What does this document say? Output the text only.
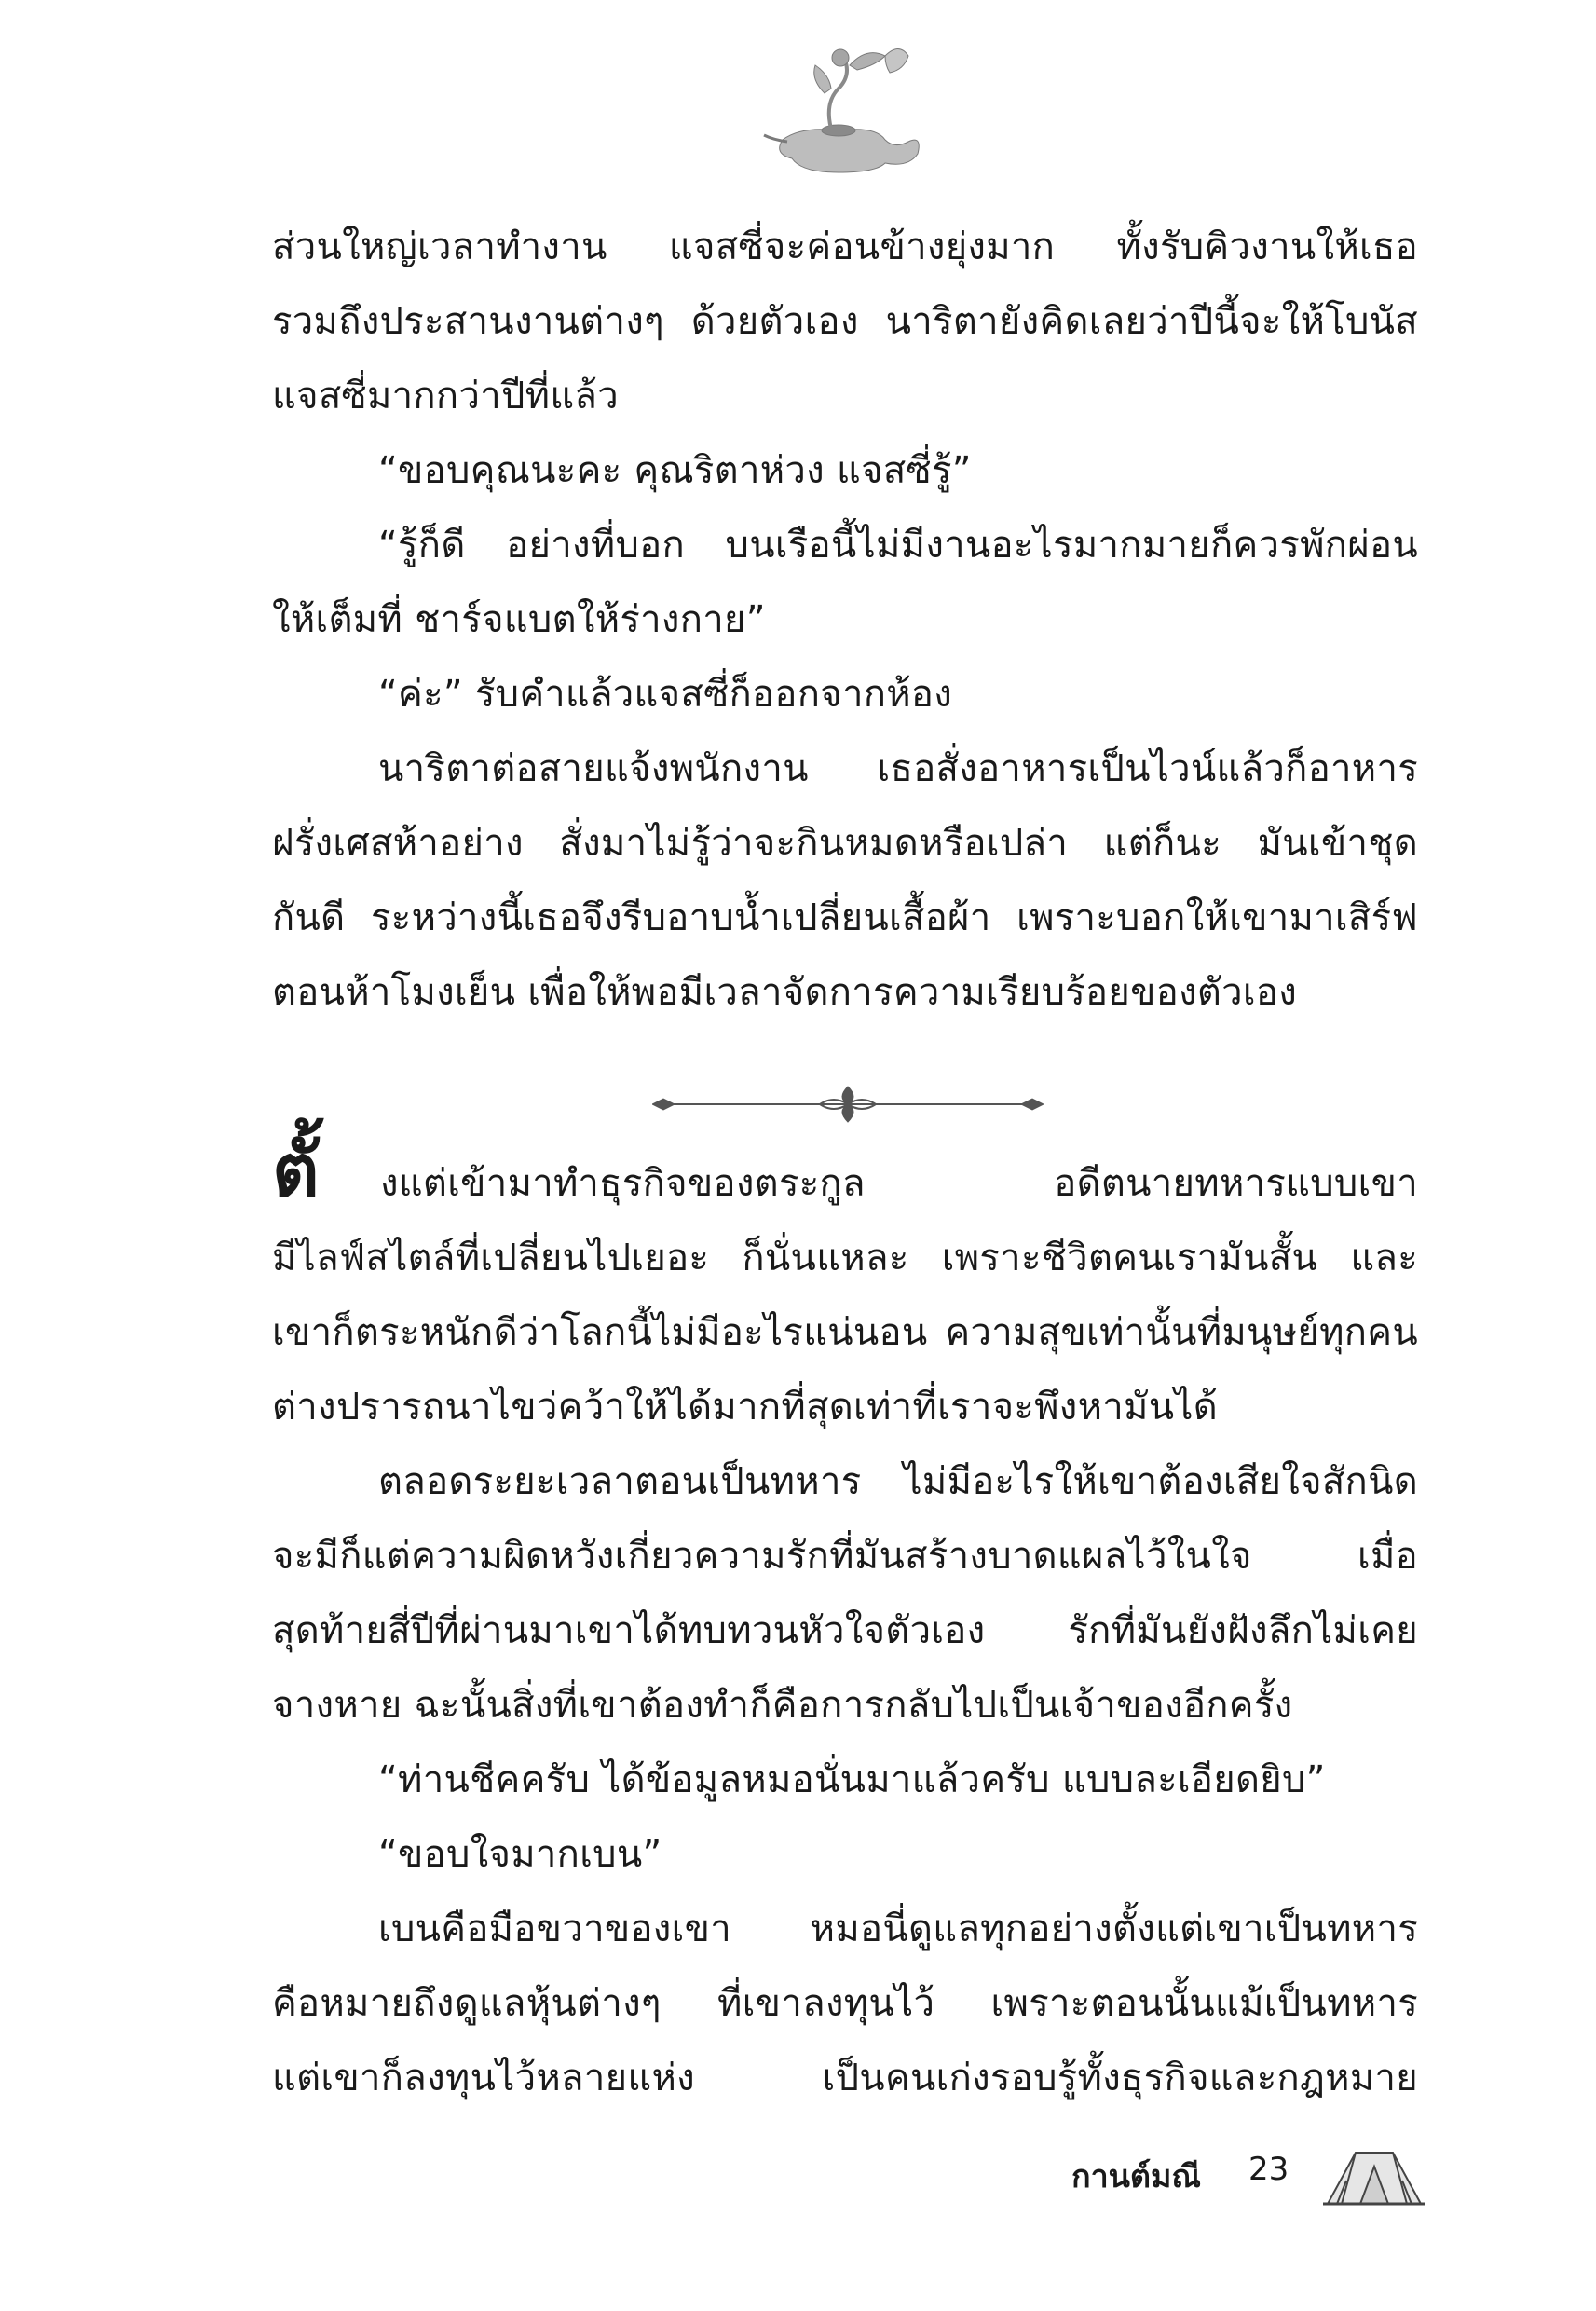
ส่วนใหญ่เวลาทำงาน แจสซี่จะค่อนข้างยุ่งมาก ทั้งรับคิวงานให้เธอ
รวมถึงประสานงานต่างๆ ด้วยตัวเอง นาริตายังคิดเลยว่าปีนี้จะให้โบนัส
แจสซี่มากกว่าปีที่แล้ว
“ขอบคุณนะคะ คุณริตาห่วง แจสซี่รู้”
“รู้ก็ดี อย่างที่บอก บนเรือนี้ไม่มีงานอะไรมากมายก็ควรพักผ่อน
ให้เต็มที่ ชาร์จแบตให้ร่างกาย”
“ค่ะ” รับคำแล้วแจสซี่ก็ออกจากห้อง
นาริตาต่อสายแจ้งพนักงาน เธอสั่งอาหารเป็นไวน์แล้วก็อาหาร
ฝรั่งเศสห้าอย่าง สั่งมาไม่รู้ว่าจะกินหมดหรือเปล่า แต่ก็นะ มันเข้าชุด
กันดี ระหว่างนี้เธอจึงรีบอาบน้ำเปลี่ยนเสื้อผ้า เพราะบอกให้เขามาเสิร์ฟ
ตอนห้าโมงเย็น เพื่อให้พอมีเวลาจัดการความเรียบร้อยของตัวเอง
ตั้ งแต่เข้ามาทำธุรกิจของตระกูล อดีตนายทหารแบบเขา
มีไลฟ์สไตล์ที่เปลี่ยนไปเยอะ ก็นั่นแหละ เพราะชีวิตคนเรามันสั้น และ
เขาก็ตระหนักดีว่าโลกนี้ไม่มีอะไรแน่นอน ความสุขเท่านั้นที่มนุษย์ทุกคน
ต่างปรารถนาไขว่คว้าให้ได้มากที่สุดเท่าที่เราจะพึงหามันได้
ตลอดระยะเวลาตอนเป็นทหาร ไม่มีอะไรให้เขาต้องเสียใจสักนิด
จะมีก็แต่ความผิดหวังเกี่ยวความรักที่มันสร้างบาดแผลไว้ในใจ เมื่อ
สุดท้ายสี่ปีที่ผ่านมาเขาได้ทบทวนหัวใจตัวเอง รักที่มันยังฝังลึกไม่เคย
จางหาย ฉะนั้นสิ่งที่เขาต้องทำก็คือการกลับไปเป็นเจ้าของอีกครั้ง
“ท่านชีคครับ ได้ข้อมูลหมอนั่นมาแล้วครับ แบบละเอียดยิบ”
“ขอบใจมากเบน”
เบนคือมือขวาของเขา หมอนี่ดูแลทุกอย่างตั้งแต่เขาเป็นทหาร
คือหมายถึงดูแลหุ้นต่างๆ ที่เขาลงทุนไว้ เพราะตอนนั้นแม้เป็นทหาร
แต่เขาก็ลงทุนไว้หลายแห่ง เป็นคนเก่งรอบรู้ทั้งธุรกิจและกฎหมาย
กานต์มณี 23
